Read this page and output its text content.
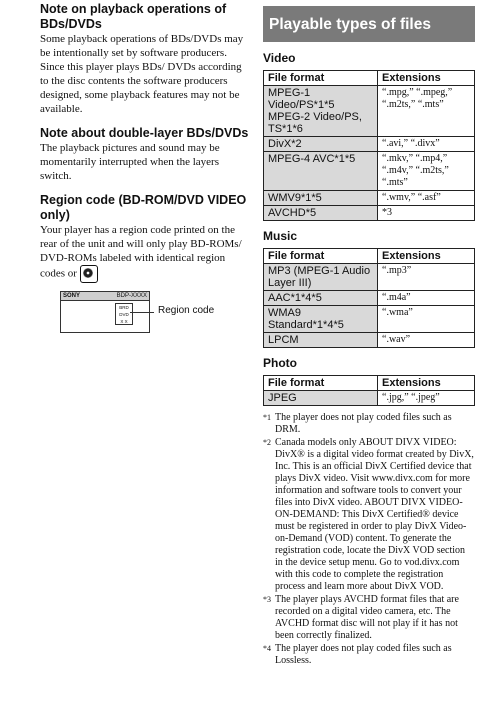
Note on playback operations of BDs/DVDs

Some playback operations of BDs/DVDs may be intentionally set by software producers. Since this player plays BDs/ DVDs according to the disc contents the software producers designed, some playback features may not be available.

Note about double-layer BDs/DVDs

The playback pictures and sound may be momentarily interrupted when the layers switch.

Region code (BD-ROM/DVD VIDEO only)

Your player has a region code printed on the rear of the unit and will only play BD-ROMs/ DVD-ROMs labeled with identical region codes or

SONY	BDP-XXXX
BRD DVD
X X
Region code
Playable types of files
Video
File format	Extensions
MPEG-1 Video/PS*1*5 MPEG-2 Video/PS, TS*1*6	“.mpg,” “.mpeg,” “.m2ts,” “.mts”
DivX*2	“.avi,” “.divx”
MPEG-4 AVC*1*5	“.mkv,” “.mp4,” “.m4v,” “.m2ts,” “.mts”
WMV9*1*5	“.wmv,” “.asf”
AVCHD*5	*3
Music
File format	Extensions
MP3 (MPEG-1 Audio Layer III)	“.mp3”
AAC*1*4*5	“.m4a”
WMA9 Standard*1*4*5	“.wma”
LPCM	“.wav”
Photo
File format	Extensions
JPEG	“.jpg,” “.jpeg”
*1 The player does not play coded files such as DRM.
*2 Canada models only ABOUT DIVX VIDEO: DivX® is a digital video format created by DivX, Inc. This is an official DivX Certified device that plays DivX video. Visit www.divx.com for more information and software tools to convert your files into DivX video. ABOUT DIVX VIDEO-ON-DEMAND: This DivX Certified® device must be registered in order to play DivX Video-on-Demand (VOD) content. To generate the registration code, locate the DivX VOD section in the device setup menu. Go to vod.divx.com with this code to complete the registration process and learn more about DivX VOD.
*3 The player plays AVCHD format files that are recorded on a digital video camera, etc. The AVCHD format disc will not play if it has not been correctly finalized.
*4 The player does not play coded files such as Lossless.
